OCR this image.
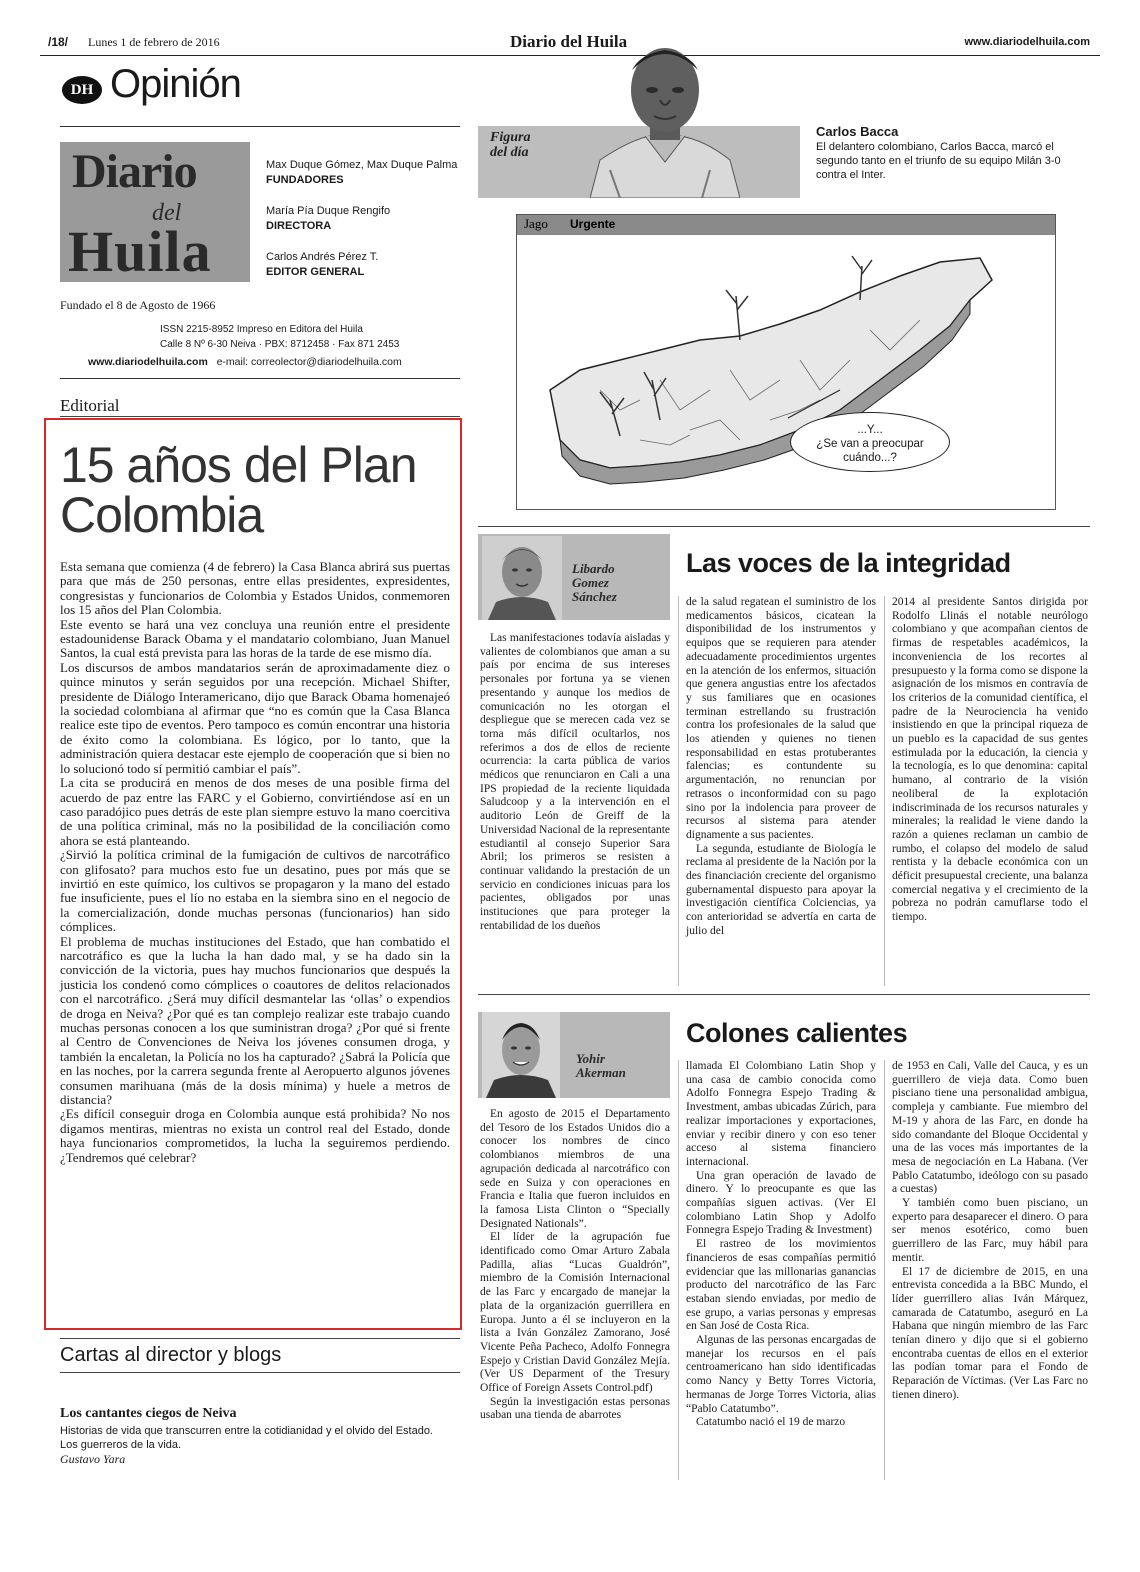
/18/ Lunes 1 de febrero de 2016	Diario del Huila	www.diariodelhuila.com
DH Opinión
Diario
del
Huila
Max Duque Gómez, Max Duque Palma
FUNDADORES
María Pía Duque Rengifo
DIRECTORA
Carlos Andrés Pérez T.
EDITOR GENERAL
Fundado el 8 de Agosto de 1966
ISSN 2215-8952 Impreso en Editora del Huila
Calle 8 Nº 6-30 Neiva · PBX: 8712458 · Fax 871 2453
www.diariodelhuila.com e-mail: correolector@diariodelhuila.com
Editorial
15 años del Plan Colombia

Esta semana que comienza (4 de febrero) la Casa Blanca abrirá sus puertas para que más de 250 personas, entre ellas presidentes, expresidentes, congresistas y funcionarios de Colombia y Estados Unidos, conmemoren los 15 años del Plan Colombia.

Este evento se hará una vez concluya una reunión entre el presidente estadounidense Barack Obama y el mandatario colombiano, Juan Manuel Santos, la cual está prevista para las horas de la tarde de ese mismo día.

Los discursos de ambos mandatarios serán de aproximadamente diez o quince minutos y serán seguidos por una recepción. Michael Shifter, presidente de Diálogo Interamericano, dijo que Barack Obama homenajeó la sociedad colombiana al afirmar que “no es común que la Casa Blanca realice este tipo de eventos. Pero tampoco es común encontrar una historia de éxito como la colombiana. Es lógico, por lo tanto, que la administración quiera destacar este ejemplo de cooperación que si bien no lo solucionó todo sí permitió cambiar el país”.

La cita se producirá en menos de dos meses de una posible firma del acuerdo de paz entre las FARC y el Gobierno, convirtiéndose así en un caso paradójico pues detrás de este plan siempre estuvo la mano coercitiva de una política criminal, más no la posibilidad de la conciliación como ahora se está planteando.

¿Sirvió la política criminal de la fumigación de cultivos de narcotráfico con glifosato? para muchos esto fue un desatino, pues por más que se invirtió en este químico, los cultivos se propagaron y la mano del estado fue insuficiente, pues el lío no estaba en la siembra sino en el negocio de la comercialización, donde muchas personas (funcionarios) han sido cómplices.

El problema de muchas instituciones del Estado, que han combatido el narcotráfico es que la lucha la han dado mal, y se ha dado sin la convicción de la victoria, pues hay muchos funcionarios que después la justicia los condenó como cómplices o coautores de delitos relacionados con el narcotráfico. ¿Será muy difícil desmantelar las ‘ollas’ o expendios de droga en Neiva? ¿Por qué es tan complejo realizar este trabajo cuando muchas personas conocen a los que suministran droga? ¿Por qué si frente al Centro de Convenciones de Neiva los jóvenes consumen droga, y también la encaletan, la Policía no los ha capturado? ¿Sabrá la Policía que en las noches, por la carrera segunda frente al Aeropuerto algunos jóvenes consumen marihuana (más de la dosis mínima) y huele a metros de distancia?

¿Es difícil conseguir droga en Colombia aunque está prohibida? No nos digamos mentiras, mientras no exista un control real del Estado, donde haya funcionarios comprometidos, la lucha la seguiremos perdiendo. ¿Tendremos qué celebrar?

Cartas al director y blogs
Los cantantes ciegos de Neiva
Historias de vida que transcurren entre la cotidianidad y el olvido del Estado. Los guerreros de la vida.
Gustavo Yara
Figura
del día
Carlos Bacca
El delantero colombiano, Carlos Bacca, marcó el segundo tanto en el triunfo de su equipo Milán 3-0 contra el Inter.
Jago Urgente
...Y...
¿Se van a preocupar
cuándo...?
Libardo
Gomez
Sánchez
Las voces de la integridad

Las manifestaciones todavía aisladas y valientes de colombianos que aman a su país por encima de sus intereses personales por fortuna ya se vienen presentando y aunque los medios de comunicación no les otorgan el despliegue que se merecen cada vez se torna más difícil ocultarlos, nos referimos a dos de ellos de reciente ocurrencia: la carta pública de varios médicos que renunciaron en Cali a una IPS propiedad de la reciente liquidada Saludcoop y a la intervención en el auditorio León de Greiff de la Universidad Nacional de la representante estudiantil al consejo Superior Sara Abril; los primeros se resisten a continuar validando la prestación de un servicio en condiciones inicuas para los pacientes, obligados por unas instituciones que para proteger la rentabilidad de los dueños

de la salud regatean el suministro de los medicamentos básicos, cicatean la disponibilidad de los instrumentos y equipos que se requieren para atender adecuadamente procedimientos urgentes en la atención de los enfermos, situación que genera angustias entre los afectados y sus familiares que en ocasiones terminan estrellando su frustración contra los profesionales de la salud que los atienden y quienes no tienen responsabilidad en estas protuberantes falencias; es contundente su argumentación, no renuncian por retrasos o inconformidad con su pago sino por la indolencia para proveer de recursos al sistema para atender dignamente a sus pacientes.

La segunda, estudiante de Biología le reclama al presidente de la Nación por la des financiación creciente del organismo gubernamental dispuesto para apoyar la investigación científica Colciencias, ya con anterioridad se advertía en carta de julio del

2014 al presidente Santos dirigida por Rodolfo Llinás el notable neurólogo colombiano y que acompañan cientos de firmas de respetables académicos, la inconveniencia de los recortes al presupuesto y la forma como se dispone la asignación de los mismos en contravía de los criterios de la comunidad científica, el padre de la Neurociencia ha venido insistiendo en que la principal riqueza de un pueblo es la capacidad de sus gentes estimulada por la educación, la ciencia y la tecnología, es lo que denomina: capital humano, al contrario de la visión neoliberal de la explotación indiscriminada de los recursos naturales y minerales; la realidad le viene dando la razón a quienes reclaman un cambio de rumbo, el colapso del modelo de salud rentista y la debacle económica con un déficit presupuestal creciente, una balanza comercial negativa y el crecimiento de la pobreza no podrán camuflarse todo el tiempo.

Yohir
Akerman
Colones calientes

En agosto de 2015 el Departamento del Tesoro de los Estados Unidos dio a conocer los nombres de cinco colombianos miembros de una agrupación dedicada al narcotráfico con sede en Suiza y con operaciones en Francia e Italia que fueron incluidos en la famosa Lista Clinton o “Specially Designated Nationals”.

El líder de la agrupación fue identificado como Omar Arturo Zabala Padilla, alias “Lucas Gualdrón”, miembro de la Comisión Internacional de las Farc y encargado de manejar la plata de la organización guerrillera en Europa. Junto a él se incluyeron en la lista a Iván González Zamorano, José Vicente Peña Pacheco, Adolfo Fonnegra Espejo y Cristian David González Mejía. (Ver US Deparment of the Tresury Office of Foreign Assets Control.pdf)

Según la investigación estas personas usaban una tienda de abarrotes

llamada El Colombiano Latin Shop y una casa de cambio conocida como Adolfo Fonnegra Espejo Trading & Investment, ambas ubicadas Zúrich, para realizar importaciones y exportaciones, enviar y recibir dinero y con eso tener acceso al sistema financiero internacional.

Una gran operación de lavado de dinero. Y lo preocupante es que las compañías siguen activas. (Ver El colombiano Latin Shop y Adolfo Fonnegra Espejo Trading & Investment)

El rastreo de los movimientos financieros de esas compañías permitió evidenciar que las millonarias ganancias producto del narcotráfico de las Farc estaban siendo enviadas, por medio de ese grupo, a varias personas y empresas en San José de Costa Rica.

Algunas de las personas encargadas de manejar los recursos en el país centroamericano han sido identificadas como Nancy y Betty Torres Victoria, hermanas de Jorge Torres Victoria, alias “Pablo Catatumbo”.

Catatumbo nació el 19 de marzo

de 1953 en Cali, Valle del Cauca, y es un guerrillero de vieja data. Como buen pisciano tiene una personalidad ambigua, compleja y cambiante. Fue miembro del M-19 y ahora de las Farc, en donde ha sido comandante del Bloque Occidental y una de las voces más importantes de la mesa de negociación en La Habana. (Ver Pablo Catatumbo, ideólogo con su pasado a cuestas)

Y también como buen pisciano, un experto para desaparecer el dinero. O para ser menos esotérico, como buen guerrillero de las Farc, muy hábil para mentir.

El 17 de diciembre de 2015, en una entrevista concedida a la BBC Mundo, el líder guerrillero alias Iván Márquez, camarada de Catatumbo, aseguró en La Habana que ningún miembro de las Farc tenían dinero y dijo que si el gobierno encontraba cuentas de ellos en el exterior las podían tomar para el Fondo de Reparación de Víctimas. (Ver Las Farc no tienen dinero).
